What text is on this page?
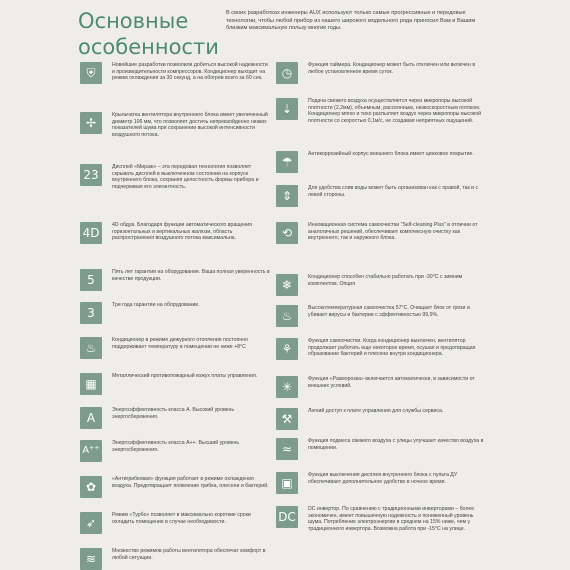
Основные
особенности
В своих разработках инженеры AUX используют только самые прогрессивные и передовые технологии, чтобы любой прибор из нашего широкого модельного ряда приносил Вам и Вашим близким максимальную пользу многие годы.
⛨
Новейшие разработки позволили добиться высокой надежности и производительности компрессоров. Кондиционер выходит на режим охлаждения за 30 секунд, а на обогрев всего за 60 сек.
✢
Крыльчатка вентилятора внутреннего блока имеет увеличенный диаметр 106 мм, что позволяет достичь непревзойденно низких показателей шума при сохранении высокой интенсивности воздушного потока.
23
Дисплей «Мираж» – эта передовая технология позволяет скрывать дисплей в выключенном состоянии на корпусе внутреннего блока, сохраняя целостность формы прибора и подчеркивая его элегантность.
4D
4D обдув. Благодаря функции автоматического вращения горизонтальных и вертикальных жалюзи, область распространения воздушного потока максимальна.
5
Пять лет гарантии на оборудование. Ваша полная уверенность в качестве продукции.
3
Три года гарантии на оборудование.
♨
Кондиционер в режиме дежурного отопления постоянно поддерживает температуру в помещении не ниже +8°С
▦
Металлический противопожарный кожух платы управления.
A
Энергоэффективность класса А. Высокий уровень энергосбережения.
A⁺⁺
Энергоэффективность класса А++. Высший уровень энергосбережения.
✿
«Антигрибковая» функция работает в режиме охлаждения воздуха. Предотвращает появление грибка, плесени и бактерий.
➶
Режим «Турбо» позволяет в максимально короткие сроки охладить помещение в случае необходимости.
≋
Множество режимов работы вентилятора обеспечат комфорт в любой ситуации.
◷
Функция таймера. Кондиционер может быть отключен или включен в любое установленное время суток.
⇣
Подача свежего воздуха осуществляется через микропоры высокой плотности (2,2мм), объемным, рассеянным, низкоскоростным потоком. Кондиционер мягко и тихо распыляет воздух через микропоры высокой плотности со скоростью 0,1м/с, не создавая неприятных ощущений.
☂
Антикоррозийный корпус внешнего блока имеет цинковое покрытие.
⇕
Для удобства слив воды может быть организован как с правой, так и с левой стороны.
⟲
Инновационная система самоочистки "Self-cleaning Plus" в отличии от аналогичных решений, обеспечивает комплексную очистку как внутреннего, так и наружного блока.
❄
Кондиционер способен стабильно работать при -30°С с зимним комплектом. Опция
♨
Высокотемпературная самоочистка 57°С. Очищает блок от грязи и убивает вирусы и бактерии с эффективностью 99,9%.
⚘
Функция самоочистки. Когда кондиционер выключен, вентилятор продолжает работать еще некоторое время, осушая и предотвращая образование бактерий и плесени внутри кондиционера.
✳
Функция «Разморозка» включается автоматически, в зависимости от внешних условий.
⚒
Легкий доступ к плате управления для службы сервиса.
≈
Функция подмеса свежего воздуха с улицы улучшает качество воздуха в помещении.
▣
Функция выключения дисплея внутреннего блока с пульта ДУ обеспечивает дополнительное удобство в ночное время.
DC
DC инвертор. По сравнению с традиционными инверторами – более экономичен, имеет повышенную надежность и пониженный уровень шума. Потребление электроэнергии в среднем на 15% ниже, чем у традиционного инвертора. Возможна работа при -15°С на улице.
